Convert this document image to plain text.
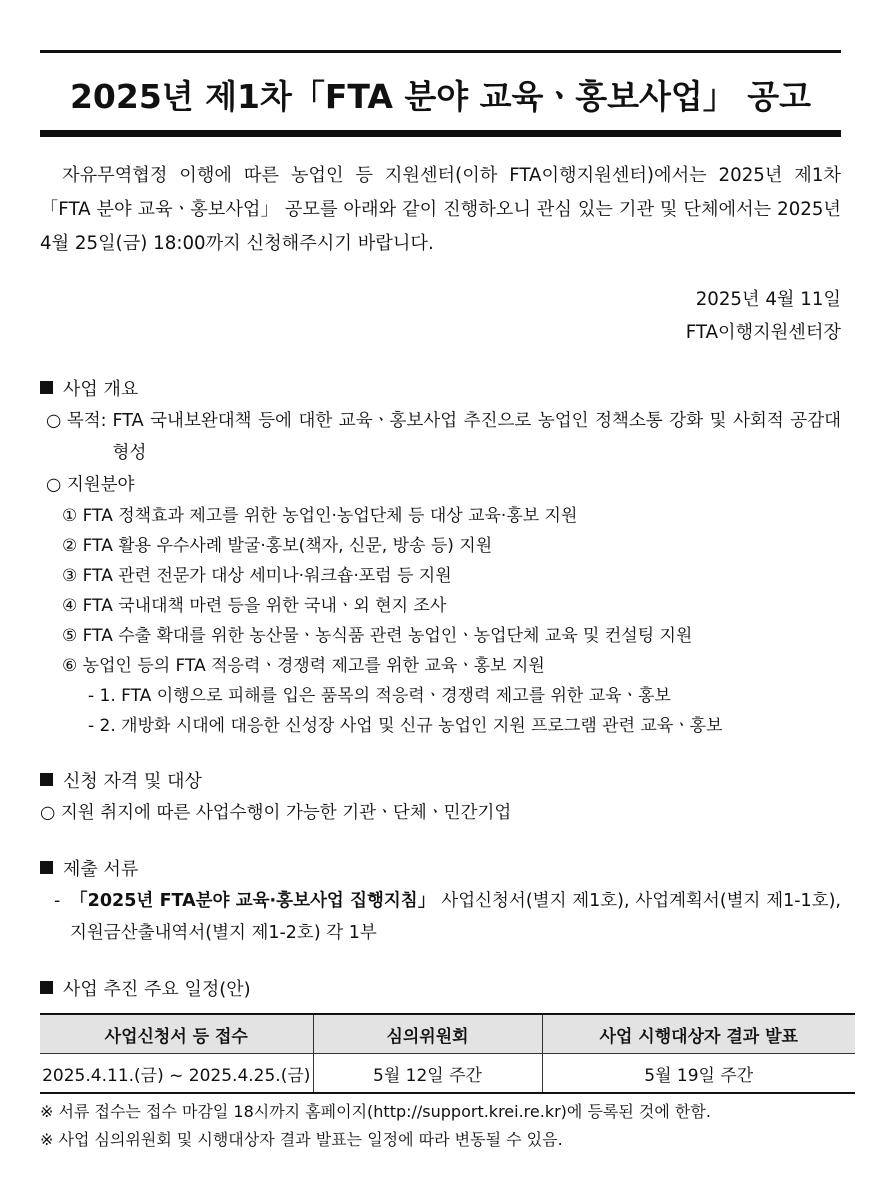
2025년 제1차「FTA 분야 교육ㆍ홍보사업」 공고
자유무역협정 이행에 따른 농업인 등 지원센터(이하 FTA이행지원센터)에서는 2025년 제1차「FTA 분야 교육ㆍ홍보사업」 공모를 아래와 같이 진행하오니 관심 있는 기관 및 단체에서는 2025년 4월 25일(금) 18:00까지 신청해주시기 바랍니다.
2025년 4월 11일
FTA이행지원센터장
사업 개요
○ 목적: FTA 국내보완대책 등에 대한 교육ㆍ홍보사업 추진으로 농업인 정책소통 강화 및 사회적 공감대 형성
○ 지원분야
① FTA 정책효과 제고를 위한 농업인·농업단체 등 대상 교육·홍보 지원
② FTA 활용 우수사례 발굴·홍보(책자, 신문, 방송 등) 지원
③ FTA 관련 전문가 대상 세미나·워크숍·포럼 등 지원
④ FTA 국내대책 마련 등을 위한 국내ㆍ외 현지 조사
⑤ FTA 수출 확대를 위한 농산물ㆍ농식품 관련 농업인ㆍ농업단체 교육 및 컨설팅 지원
⑥ 농업인 등의 FTA 적응력ㆍ경쟁력 제고를 위한 교육ㆍ홍보 지원
- 1. FTA 이행으로 피해를 입은 품목의 적응력ㆍ경쟁력 제고를 위한 교육ㆍ홍보
- 2. 개방화 시대에 대응한 신성장 사업 및 신규 농업인 지원 프로그램 관련 교육ㆍ홍보
신청 자격 및 대상
○ 지원 취지에 따른 사업수행이 가능한 기관ㆍ단체ㆍ민간기업
제출 서류
- 「2025년 FTA분야 교육·홍보사업 집행지침」 사업신청서(별지 제1호), 사업계획서(별지 제1-1호), 지원금산출내역서(별지 제1-2호) 각 1부
사업 추진 주요 일정(안)
사업신청서 등 접수	심의위원회	사업 시행대상자 결과 발표
2025.4.11.(금) ~ 2025.4.25.(금)	5월 12일 주간	5월 19일 주간
※ 서류 접수는 접수 마감일 18시까지 홈페이지(http://support.krei.re.kr)에 등록된 것에 한함.
※ 사업 심의위원회 및 시행대상자 결과 발표는 일정에 따라 변동될 수 있음.
